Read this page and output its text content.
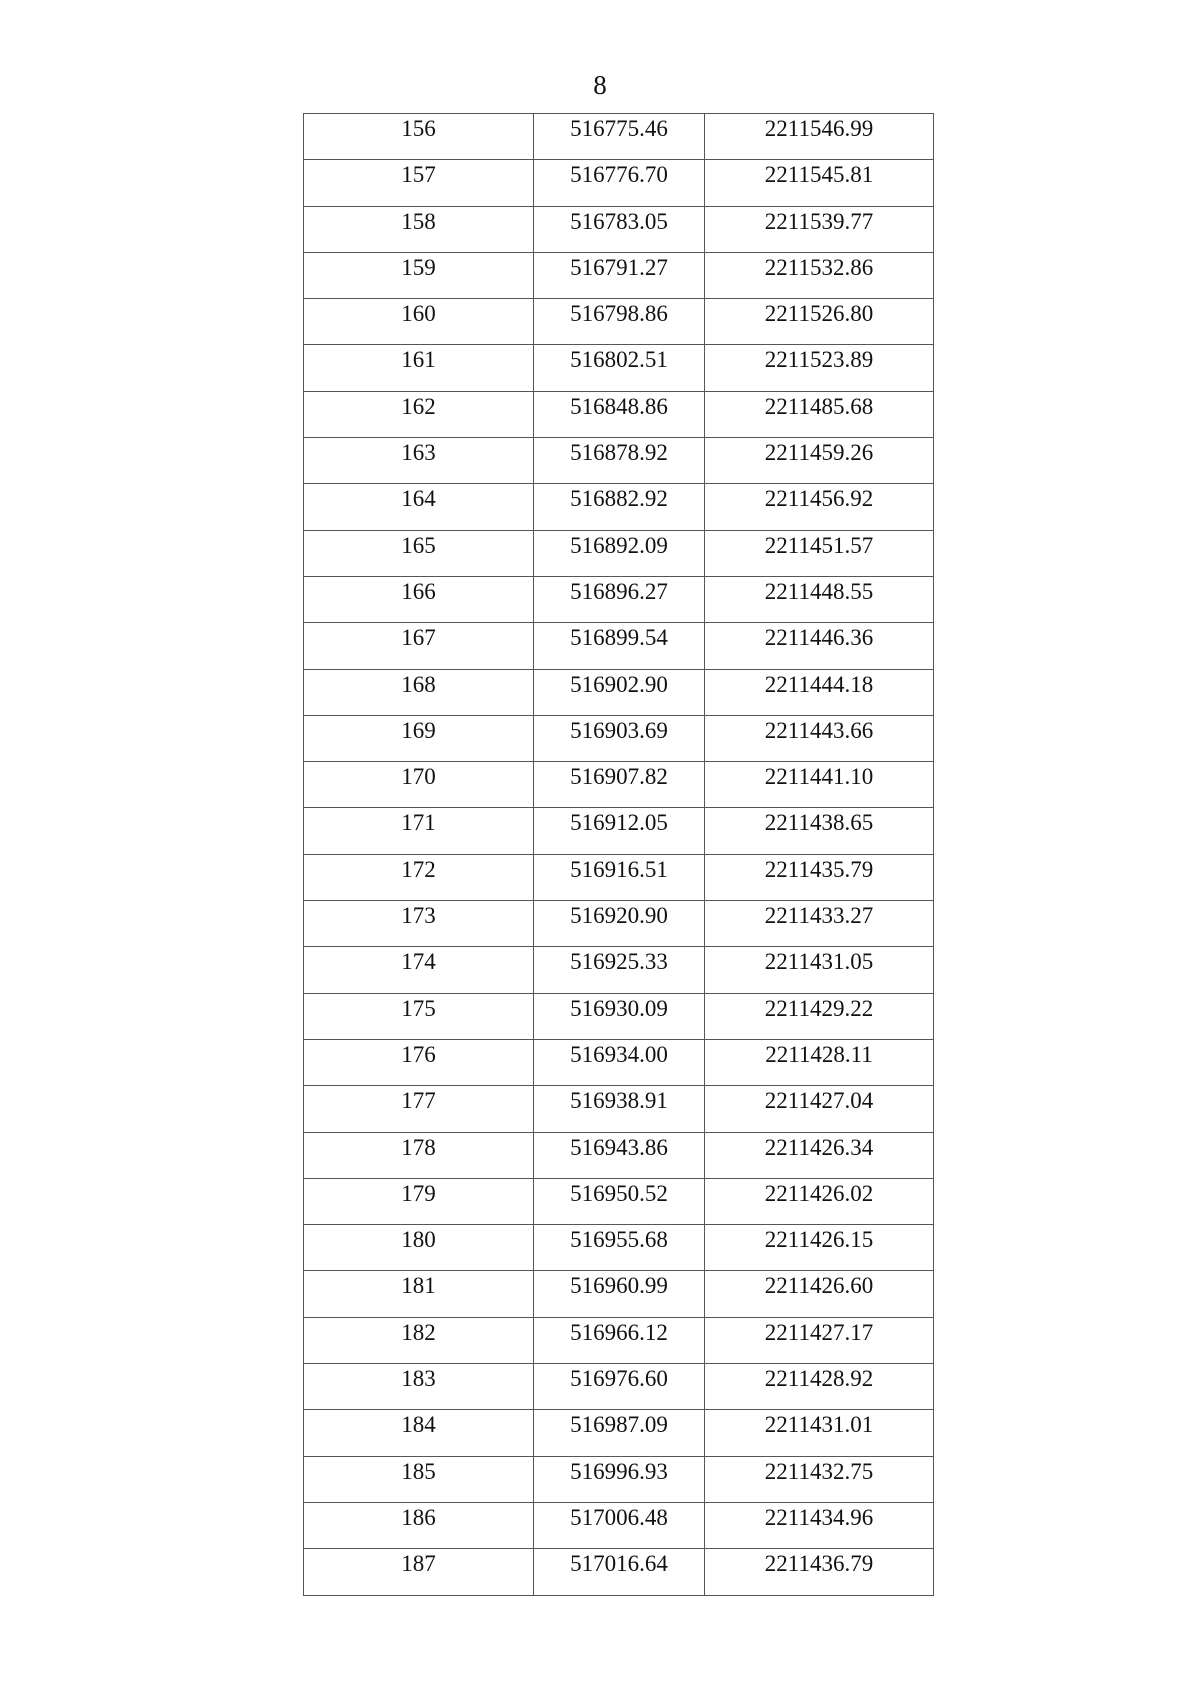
8
156	516775.46	2211546.99
157	516776.70	2211545.81
158	516783.05	2211539.77
159	516791.27	2211532.86
160	516798.86	2211526.80
161	516802.51	2211523.89
162	516848.86	2211485.68
163	516878.92	2211459.26
164	516882.92	2211456.92
165	516892.09	2211451.57
166	516896.27	2211448.55
167	516899.54	2211446.36
168	516902.90	2211444.18
169	516903.69	2211443.66
170	516907.82	2211441.10
171	516912.05	2211438.65
172	516916.51	2211435.79
173	516920.90	2211433.27
174	516925.33	2211431.05
175	516930.09	2211429.22
176	516934.00	2211428.11
177	516938.91	2211427.04
178	516943.86	2211426.34
179	516950.52	2211426.02
180	516955.68	2211426.15
181	516960.99	2211426.60
182	516966.12	2211427.17
183	516976.60	2211428.92
184	516987.09	2211431.01
185	516996.93	2211432.75
186	517006.48	2211434.96
187	517016.64	2211436.79
